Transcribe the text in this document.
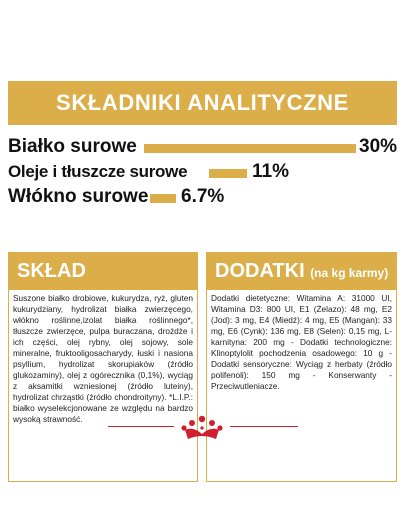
SKŁADNIKI ANALITYCZNE
Białko surowe	30%
Oleje i tłuszcze surowe	11%
Włókno surowe 6.7%
SKŁAD
Suszone białko drobiowe, kukurydza, ryż, gluten kukurydziany, hydrolizat białka zwierzęcego, włókno roślinne,izolat białka roślinnego*, tłuszcze zwierzęce, pulpa buraczana, drożdże i ich części, olej rybny, olej sojowy, sole mineralne, fruktooligosacharydy, łuski i nasiona psyllium, hydrolizat skorupiaków (źródło glukozaminy), olej z ogórecznika (0,1%), wyciąg z aksamitki wzniesionej (źródło luteiny), hydrolizat chrząstki (źródło chondroityny). *L.I.P.: białko wyselekcjonowane ze względu na bardzo wysoką strawność.
DODATKI (na kg karmy)
Dodatki dietetyczne: Witamina A: 31000 UI, Witamina D3: 800 UI, E1 (Żelazo): 48 mg, E2 (Jod): 3 mg, E4 (Miedź): 4 mg, E5 (Mangan): 33 mg, E6 (Cynk): 136 mg, E8 (Selen): 0,15 mg, L-karnityna: 200 mg - Dodatki technologiczne: Klinoptylolit pochodzenia osadowego: 10 g - Dodatki sensoryczne: Wyciąg z herbaty (źródło polifenoli): 150 mg - Konserwanty - Przeciwutleniacze.
